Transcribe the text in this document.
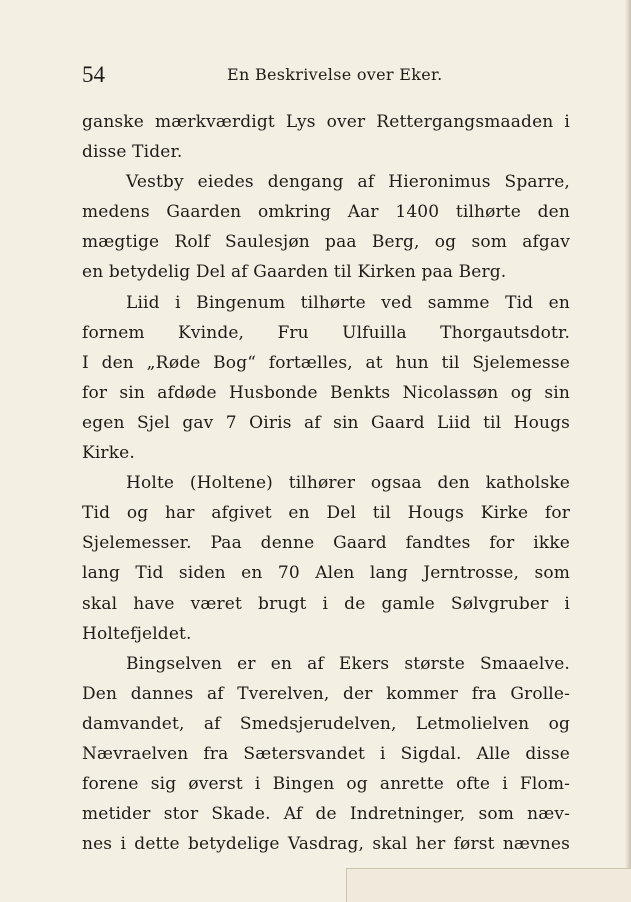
54	En Beskrivelse over Eker.
ganske mærkværdigt Lys over Rettergangsmaaden i
disse Tider.
Vestby eiedes dengang af Hieronimus Sparre,
medens Gaarden omkring Aar 1400 tilhørte den
mægtige Rolf Saulesjøn paa Berg, og som afgav
en betydelig Del af Gaarden til Kirken paa Berg.
Liid i Bingenum tilhørte ved samme Tid en
fornem Kvinde, Fru Ulfuilla Thorgautsdotr.
I den „Røde Bog“ fortælles, at hun til Sjelemesse
for sin afdøde Husbonde Benkts Nicolassøn og sin
egen Sjel gav 7 Oiris af sin Gaard Liid til Hougs
Kirke.
Holte (Holtene) tilhører ogsaa den katholske
Tid og har afgivet en Del til Hougs Kirke for
Sjelemesser. Paa denne Gaard fandtes for ikke
lang Tid siden en 70 Alen lang Jerntrosse, som
skal have været brugt i de gamle Sølvgruber i
Holtefjeldet.
Bingselven er en af Ekers største Smaaelve.
Den dannes af Tverelven, der kommer fra Grolle-
damvandet, af Smedsjerudelven, Letmolielven og
Nævraelven fra Sætersvandet i Sigdal. Alle disse
forene sig øverst i Bingen og anrette ofte i Flom-
metider stor Skade. Af de Indretninger, som næv-
nes i dette betydelige Vasdrag, skal her først nævnes
